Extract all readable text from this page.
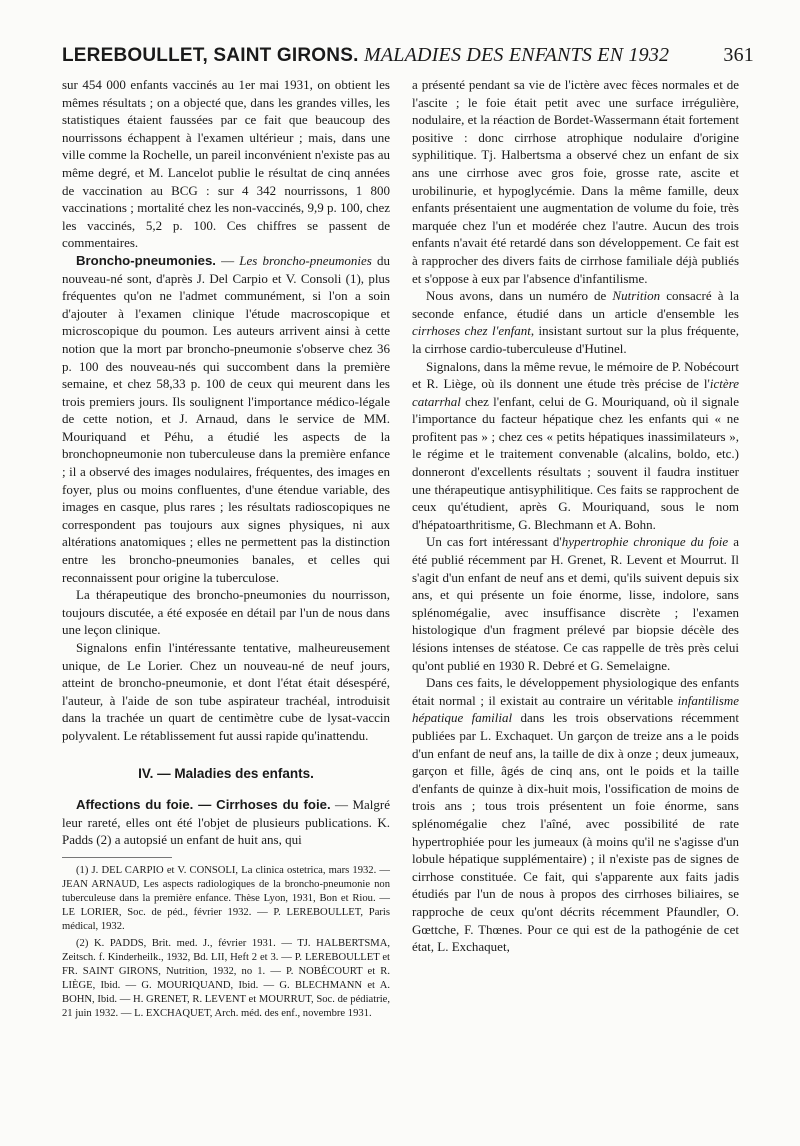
LEREBOULLET, SAINT GIRONS. MALADIES DES ENFANTS EN 1932	361

sur 454 000 enfants vaccinés au 1er mai 1931, on obtient les mêmes résultats ; on a objecté que, dans les grandes villes, les statistiques étaient faussées par ce fait que beaucoup des nourrissons échappent à l'examen ultérieur ; mais, dans une ville comme la Rochelle, un pareil inconvénient n'existe pas au même degré, et M. Lancelot publie le résultat de cinq années de vaccination au BCG : sur 4 342 nourrissons, 1 800 vaccinations ; mortalité chez les non-vaccinés, 9,9 p. 100, chez les vaccinés, 5,2 p. 100. Ces chiffres se passent de commentaires.

Broncho-pneumonies. — Les broncho-pneumonies du nouveau-né sont, d'après J. Del Carpio et V. Consoli (1), plus fréquentes qu'on ne l'admet communément, si l'on a soin d'ajouter à l'examen clinique l'étude macroscopique et microscopique du poumon. Les auteurs arrivent ainsi à cette notion que la mort par broncho-pneumonie s'observe chez 36 p. 100 des nouveau-nés qui succombent dans la première semaine, et chez 58,33 p. 100 de ceux qui meurent dans les trois premiers jours. Ils soulignent l'importance médico-légale de cette notion, et J. Arnaud, dans le service de MM. Mouriquand et Péhu, a étudié les aspects de la bronchopneumonie non tuberculeuse dans la première enfance ; il a observé des images nodulaires, fréquentes, des images en foyer, plus ou moins confluentes, d'une étendue variable, des images en casque, plus rares ; les résultats radioscopiques ne correspondent pas toujours aux signes physiques, ni aux altérations anatomiques ; elles ne permettent pas la distinction entre les broncho-pneumonies banales, et celles qui reconnaissent pour origine la tuberculose.

La thérapeutique des broncho-pneumonies du nourrisson, toujours discutée, a été exposée en détail par l'un de nous dans une leçon clinique.

Signalons enfin l'intéressante tentative, malheureusement unique, de Le Lorier. Chez un nouveau-né de neuf jours, atteint de broncho-pneumonie, et dont l'état était désespéré, l'auteur, à l'aide de son tube aspirateur trachéal, introduisit dans la trachée un quart de centimètre cube de lysat-vaccin polyvalent. Le rétablissement fut aussi rapide qu'inattendu.

IV. — Maladies des enfants.

Affections du foie. — Cirrhoses du foie. — Malgré leur rareté, elles ont été l'objet de plusieurs publications. K. Padds (2) a autopsié un enfant de huit ans, qui

(1) J. DEL CARPIO et V. CONSOLI, La clinica ostetrica, mars 1932. — JEAN ARNAUD, Les aspects radiologiques de la broncho-pneumonie non tuberculeuse dans la première enfance. Thèse Lyon, 1931, Bon et Riou. — LE LORIER, Soc. de péd., février 1932. — P. LEREBOULLET, Paris médical, 1932.

(2) K. PADDS, Brit. med. J., février 1931. — TJ. HALBERTSMA, Zeitsch. f. Kinderheilk., 1932, Bd. LII, Heft 2 et 3. — P. LEREBOULLET et FR. SAINT GIRONS, Nutrition, 1932, no 1. — P. NOBÉCOURT et R. LIÈGE, Ibid. — G. MOURIQUAND, Ibid. — G. BLECHMANN et A. BOHN, Ibid. — H. GRENET, R. LEVENT et MOURRUT, Soc. de pédiatrie, 21 juin 1932. — L. EXCHAQUET, Arch. méd. des enf., novembre 1931.

a présenté pendant sa vie de l'ictère avec fèces normales et de l'ascite ; le foie était petit avec une surface irrégulière, nodulaire, et la réaction de Bordet-Wassermann était fortement positive : donc cirrhose atrophique nodulaire d'origine syphilitique. Tj. Halbertsma a observé chez un enfant de six ans une cirrhose avec gros foie, grosse rate, ascite et urobilinurie, et hypoglycémie. Dans la même famille, deux enfants présentaient une augmentation de volume du foie, très marquée chez l'un et modérée chez l'autre. Aucun des trois enfants n'avait été retardé dans son développement. Ce fait est à rapprocher des divers faits de cirrhose familiale déjà publiés et s'oppose à eux par l'absence d'infantilisme.

Nous avons, dans un numéro de Nutrition consacré à la seconde enfance, étudié dans un article d'ensemble les cirrhoses chez l'enfant, insistant surtout sur la plus fréquente, la cirrhose cardio-tuberculeuse d'Hutinel.

Signalons, dans la même revue, le mémoire de P. Nobécourt et R. Liège, où ils donnent une étude très précise de l'ictère catarrhal chez l'enfant, celui de G. Mouriquand, où il signale l'importance du facteur hépatique chez les enfants qui « ne profitent pas » ; chez ces « petits hépatiques inassimilateurs », le régime et le traitement convenable (alcalins, boldo, etc.) donneront d'excellents résultats ; souvent il faudra instituer une thérapeutique antisyphilitique. Ces faits se rapprochent de ceux qu'étudient, après G. Mouriquand, sous le nom d'hépatoarthritisme, G. Blechmann et A. Bohn.

Un cas fort intéressant d'hypertrophie chronique du foie a été publié récemment par H. Grenet, R. Levent et Mourrut. Il s'agit d'un enfant de neuf ans et demi, qu'ils suivent depuis six ans, et qui présente un foie énorme, lisse, indolore, sans splénomégalie, avec insuffisance discrète ; l'examen histologique d'un fragment prélevé par biopsie décèle des lésions intenses de stéatose. Ce cas rappelle de très près celui qu'ont publié en 1930 R. Debré et G. Semelaigne.

Dans ces faits, le développement physiologique des enfants était normal ; il existait au contraire un véritable infantilisme hépatique familial dans les trois observations récemment publiées par L. Exchaquet. Un garçon de treize ans a le poids d'un enfant de neuf ans, la taille de dix à onze ; deux jumeaux, garçon et fille, âgés de cinq ans, ont le poids et la taille d'enfants de quinze à dix-huit mois, l'ossification de moins de trois ans ; tous trois présentent un foie énorme, sans splénomégalie chez l'aîné, avec possibilité de rate hypertrophiée pour les jumeaux (à moins qu'il ne s'agisse d'un lobule hépatique supplémentaire) ; il n'existe pas de signes de cirrhose constituée. Ce fait, qui s'apparente aux faits jadis étudiés par l'un de nous à propos des cirrhoses biliaires, se rapproche de ceux qu'ont décrits récemment Pfaundler, O. Gœttche, F. Thœnes. Pour ce qui est de la pathogénie de cet état, L. Exchaquet,
